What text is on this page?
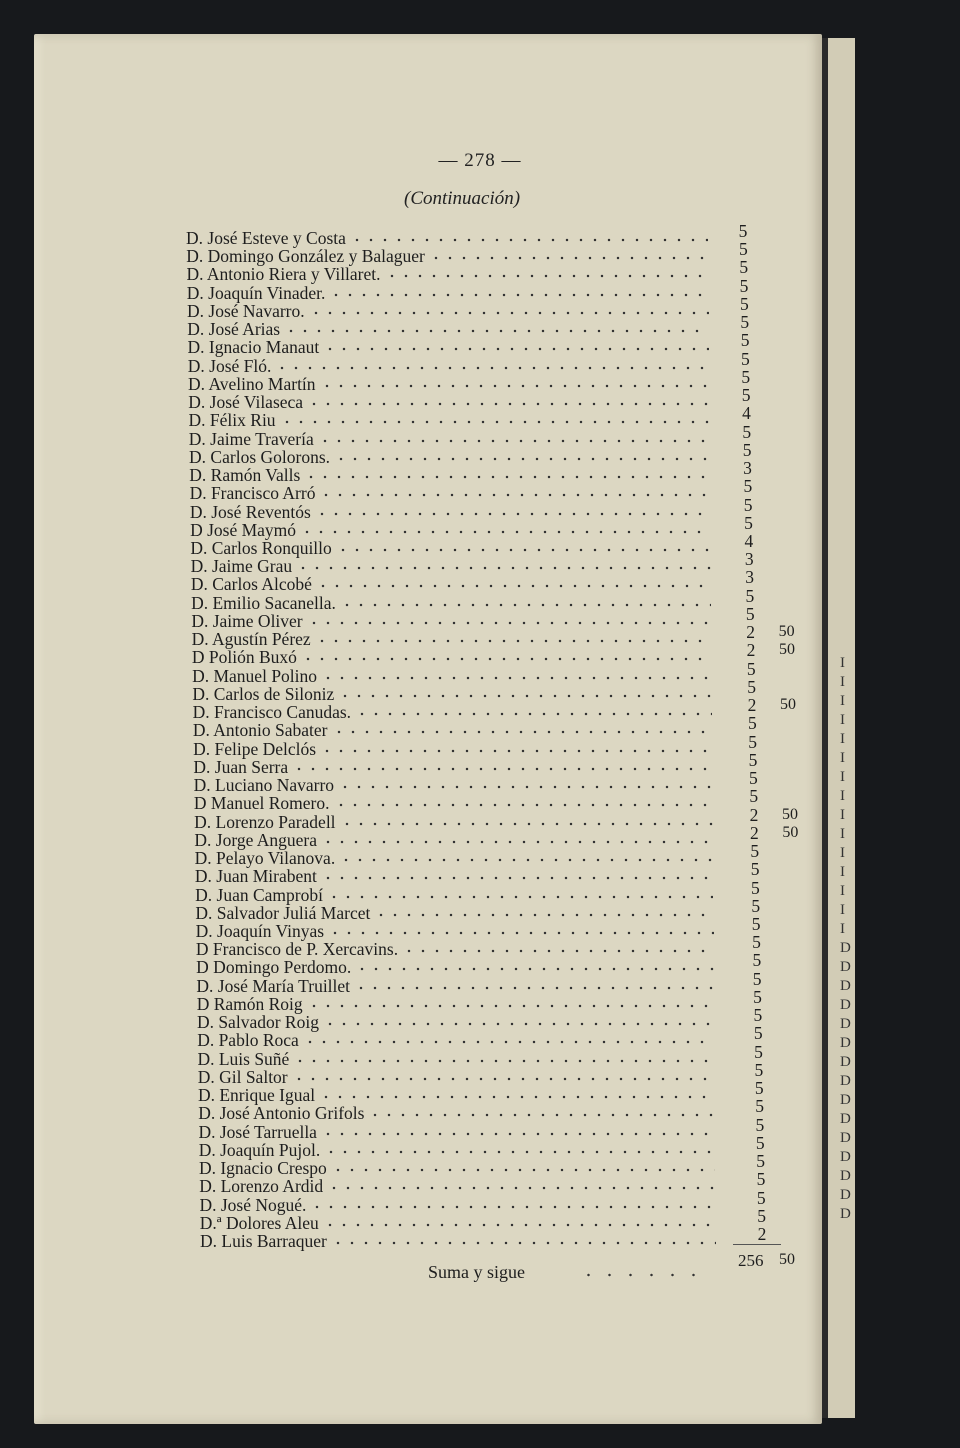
I
I
I
I
I
I
I
I
I
I
I
I
I
I
I
D
D
D
D
D
D
D
D
D
D
D
D
D
D
D
— 278 —
(Continuación)
D. José Esteve y Costa	5
D. Domingo González y Balaguer	5
D. Antonio Riera y Villaret.	5
D. Joaquín Vinader.	5
D. José Navarro.	5
D. José Arias	5
D. Ignacio Manaut	5
D. José Fló.	5
D. Avelino Martín	5
D. José Vilaseca	5
D. Félix Riu	4
D. Jaime Travería	5
D. Carlos Golorons.	5
D. Ramón Valls	3
D. Francisco Arró	5
D. José Reventós	5
D José Maymó	5
D. Carlos Ronquillo	4
D. Jaime Grau	3
D. Carlos Alcobé	3
D. Emilio Sacanella.	5
D. Jaime Oliver	5
D. Agustín Pérez	2	50
D Polión Buxó	2	50
D. Manuel Polino	5
D. Carlos de Siloniz	5
D. Francisco Canudas.	2	50
D. Antonio Sabater	5
D. Felipe Delclós	5
D. Juan Serra	5
D. Luciano Navarro	5
D Manuel Romero.	5
D. Lorenzo Paradell	2	50
D. Jorge Anguera	2	50
D. Pelayo Vilanova.	5
D. Juan Mirabent	5
D. Juan Camprobí	5
D. Salvador Juliá Marcet	5
D. Joaquín Vinyas	5
D Francisco de P. Xercavins.	5
D Domingo Perdomo.	5
D. José María Truillet	5
D Ramón Roig	5
D. Salvador Roig	5
D. Pablo Roca	5
D. Luis Suñé	5
D. Gil Saltor	5
D. Enrique Igual	5
D. José Antonio Grifols	5
D. José Tarruella	5
D. Joaquín Pujol.	5
D. Ignacio Crespo	5
D. Lorenzo Ardid	5
D. José Nogué.	5
D.ª Dolores Aleu	5
D. Luis Barraquer	2
Suma y sigue
256 50
